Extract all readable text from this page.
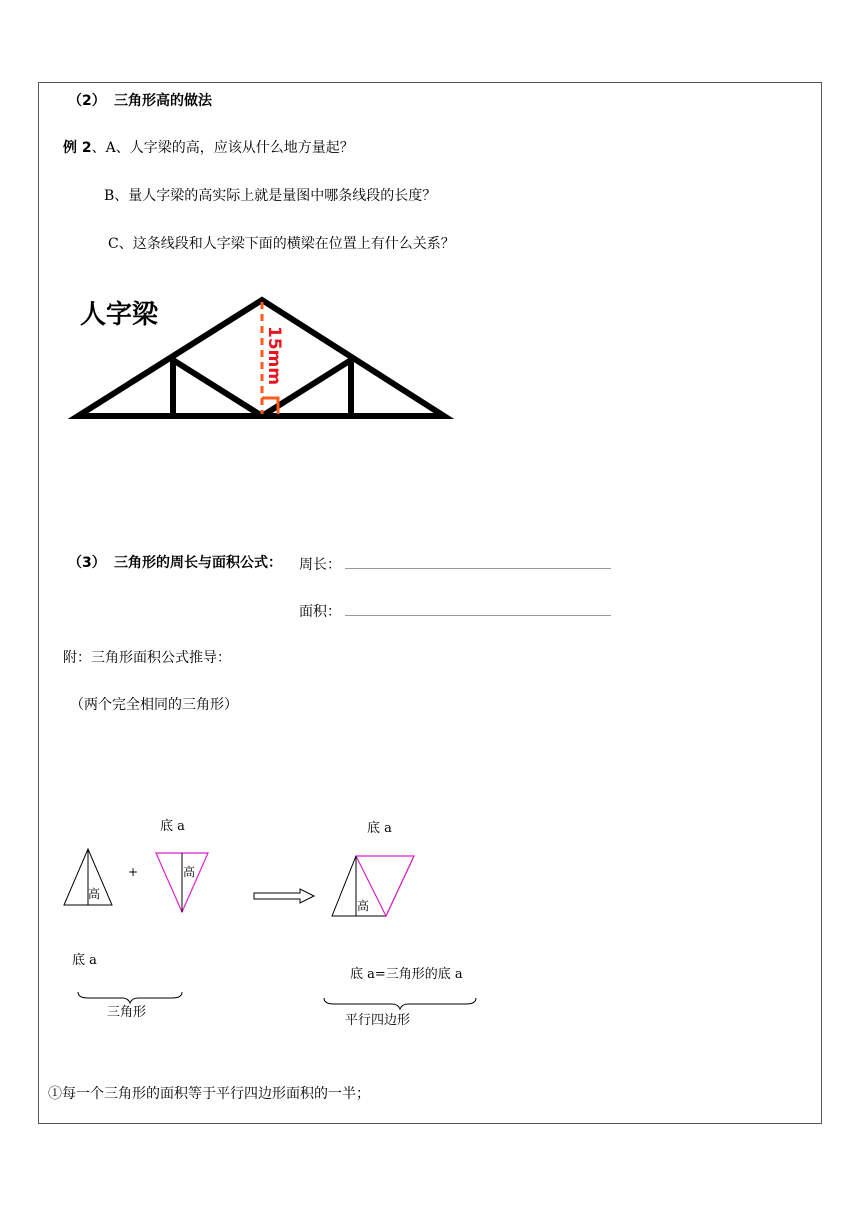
（2） 三角形高的做法
例 2、A、人字梁的高，应该从什么地方量起？
B、量人字梁的高实际上就是量图中哪条线段的长度？
C、这条线段和人字梁下面的横梁在位置上有什么关系？
人字梁
15mm
（3） 三角形的周长与面积公式： 周长：
面积：
附：三角形面积公式推导：
（两个完全相同的三角形）
底 a	底 a
+
高
高
高
底 a
底 a=三角形的底 a
三角形
平行四边形
①每一个三角形的面积等于平行四边形面积的一半；
